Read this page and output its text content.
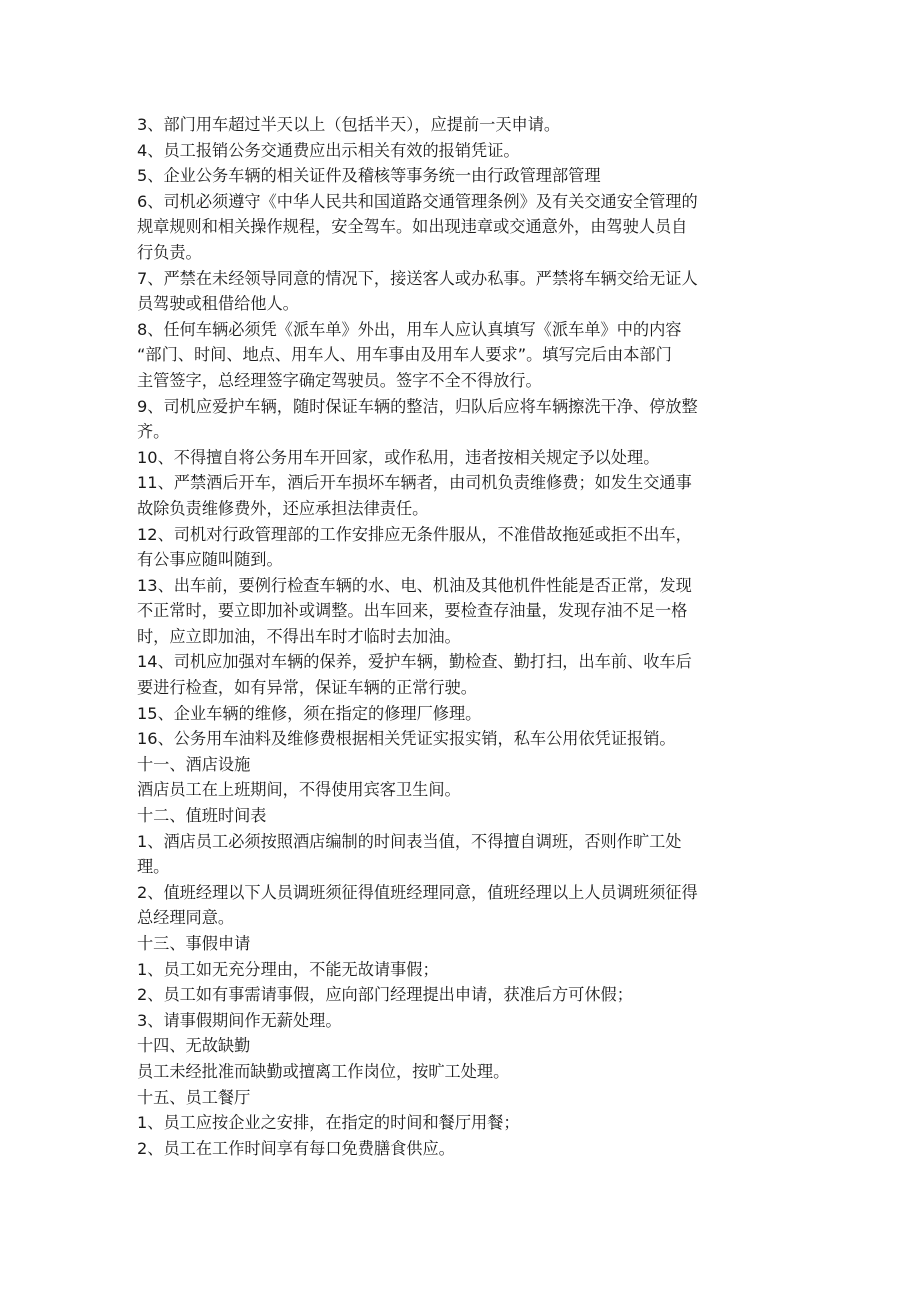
3、部门用车超过半天以上（包括半天），应提前一天申请。
4、员工报销公务交通费应出示相关有效的报销凭证。
5、企业公务车辆的相关证件及稽核等事务统一由行政管理部管理
6、司机必须遵守《中华人民共和国道路交通管理条例》及有关交通安全管理的
规章规则和相关操作规程，安全驾车。如出现违章或交通意外，由驾驶人员自
行负责。
7、严禁在未经领导同意的情况下，接送客人或办私事。严禁将车辆交给无证人
员驾驶或租借给他人。
8、任何车辆必须凭《派车单》外出，用车人应认真填写《派车单》中的内容
“部门、时间、地点、用车人、用车事由及用车人要求”。填写完后由本部门
主管签字，总经理签字确定驾驶员。签字不全不得放行。
9、司机应爱护车辆，随时保证车辆的整洁，归队后应将车辆擦洗干净、停放整
齐。
10、不得擅自将公务用车开回家，或作私用，违者按相关规定予以处理。
11、严禁酒后开车，酒后开车损坏车辆者，由司机负责维修费；如发生交通事
故除负责维修费外，还应承担法律责任。
12、司机对行政管理部的工作安排应无条件服从，不准借故拖延或拒不出车，
有公事应随叫随到。
13、出车前，要例行检查车辆的水、电、机油及其他机件性能是否正常，发现
不正常时，要立即加补或调整。出车回来，要检查存油量，发现存油不足一格
时，应立即加油，不得出车时才临时去加油。
14、司机应加强对车辆的保养，爱护车辆，勤检查、勤打扫，出车前、收车后
要进行检查，如有异常，保证车辆的正常行驶。
15、企业车辆的维修，须在指定的修理厂修理。
16、公务用车油料及维修费根据相关凭证实报实销，私车公用依凭证报销。
十一、酒店设施
酒店员工在上班期间，不得使用宾客卫生间。
十二、值班时间表
1、酒店员工必须按照酒店编制的时间表当值，不得擅自调班，否则作旷工处
理。
2、值班经理以下人员调班须征得值班经理同意，值班经理以上人员调班须征得
总经理同意。
十三、事假申请
1、员工如无充分理由，不能无故请事假；
2、员工如有事需请事假，应向部门经理提出申请，获准后方可休假；
3、请事假期间作无薪处理。
十四、无故缺勤
员工未经批准而缺勤或擅离工作岗位，按旷工处理。
十五、员工餐厅
1、员工应按企业之安排，在指定的时间和餐厅用餐；
2、员工在工作时间享有每口免费膳食供应。
